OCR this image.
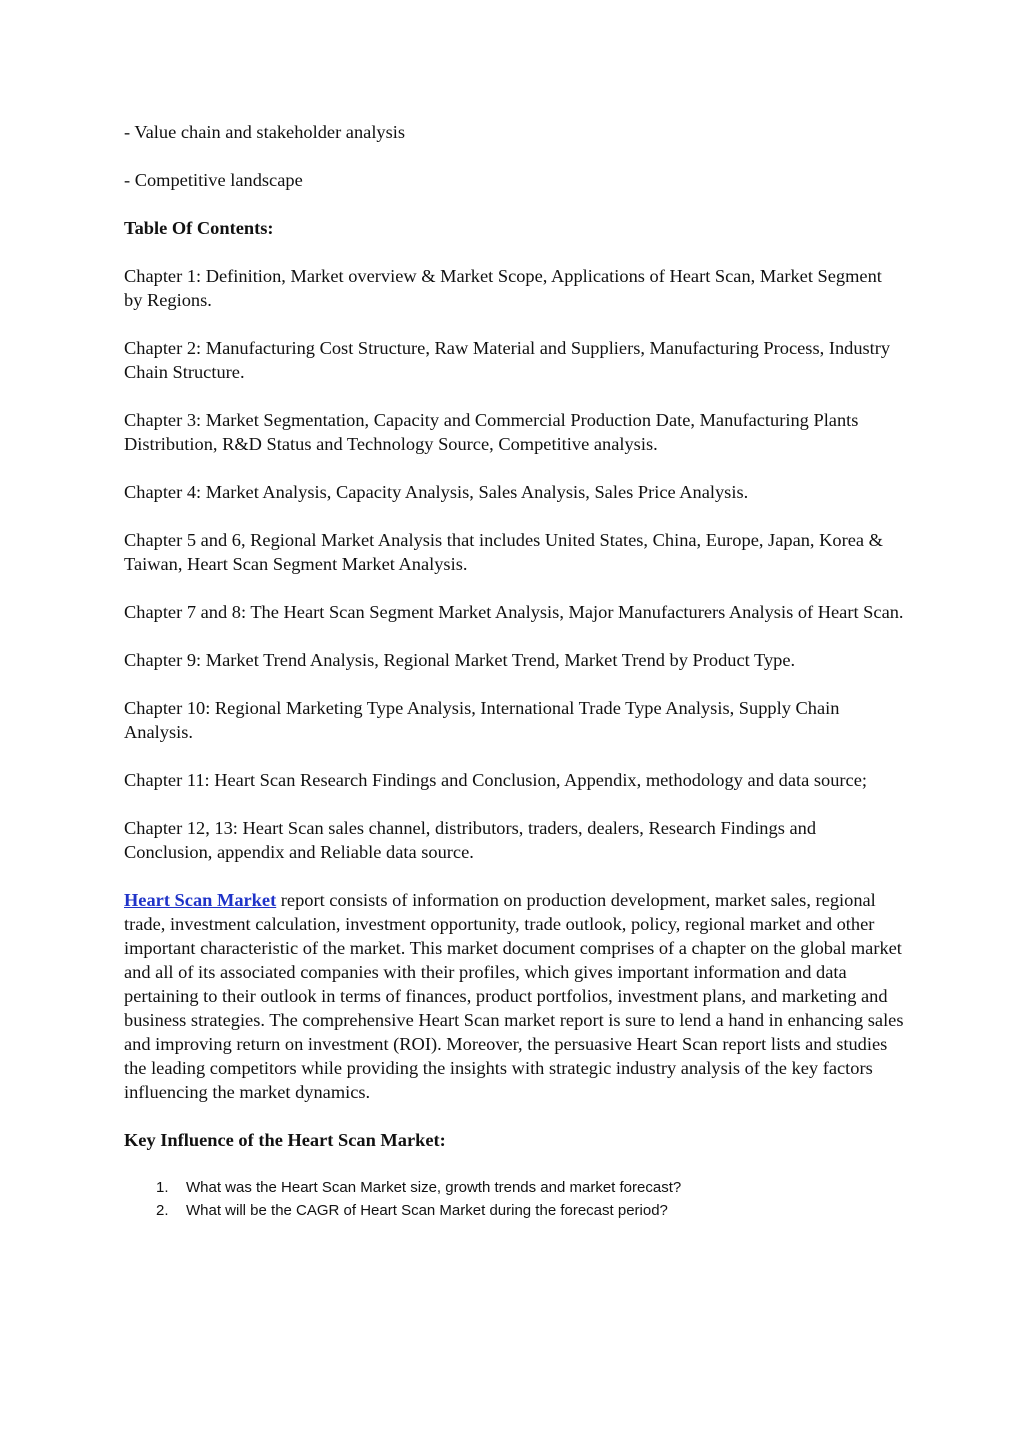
- Value chain and stakeholder analysis

- Competitive landscape

Table Of Contents:

Chapter 1: Definition, Market overview & Market Scope, Applications of Heart Scan, Market Segment by Regions.

Chapter 2: Manufacturing Cost Structure, Raw Material and Suppliers, Manufacturing Process, Industry Chain Structure.

Chapter 3: Market Segmentation, Capacity and Commercial Production Date, Manufacturing Plants Distribution, R&D Status and Technology Source, Competitive analysis.

Chapter 4: Market Analysis, Capacity Analysis, Sales Analysis, Sales Price Analysis.

Chapter 5 and 6, Regional Market Analysis that includes United States, China, Europe, Japan, Korea & Taiwan, Heart Scan Segment Market Analysis.

Chapter 7 and 8: The Heart Scan Segment Market Analysis, Major Manufacturers Analysis of Heart Scan.

Chapter 9: Market Trend Analysis, Regional Market Trend, Market Trend by Product Type.

Chapter 10: Regional Marketing Type Analysis, International Trade Type Analysis, Supply Chain Analysis.

Chapter 11: Heart Scan Research Findings and Conclusion, Appendix, methodology and data source;

Chapter 12, 13: Heart Scan sales channel, distributors, traders, dealers, Research Findings and Conclusion, appendix and Reliable data source.

Heart Scan Market report consists of information on production development, market sales, regional trade, investment calculation, investment opportunity, trade outlook, policy, regional market and other important characteristic of the market. This market document comprises of a chapter on the global market and all of its associated companies with their profiles, which gives important information and data pertaining to their outlook in terms of finances, product portfolios, investment plans, and marketing and business strategies. The comprehensive Heart Scan market report is sure to lend a hand in enhancing sales and improving return on investment (ROI). Moreover, the persuasive Heart Scan report lists and studies the leading competitors while providing the insights with strategic industry analysis of the key factors influencing the market dynamics.

Key Influence of the Heart Scan Market:

1.	What was the Heart Scan Market size, growth trends and market forecast?
2.	What will be the CAGR of Heart Scan Market during the forecast period?
